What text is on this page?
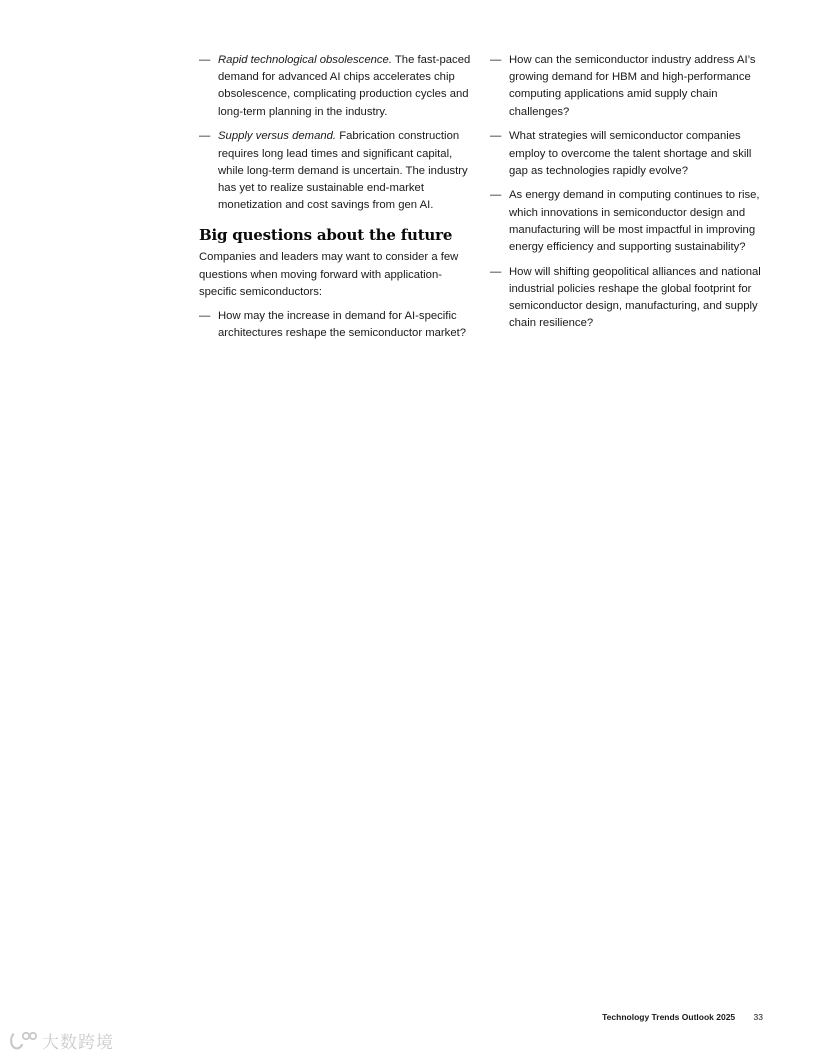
— Rapid technological obsolescence. The fast-paced demand for advanced AI chips accelerates chip obsolescence, complicating production cycles and long-term planning in the industry.
— Supply versus demand. Fabrication construction requires long lead times and significant capital, while long-term demand is uncertain. The industry has yet to realize sustainable end-market monetization and cost savings from gen AI.
Big questions about the future

Companies and leaders may want to consider a few questions when moving forward with application-specific semiconductors:

— How may the increase in demand for AI-specific architectures reshape the semiconductor market?
— How can the semiconductor industry address AI’s growing demand for HBM and high-performance computing applications amid supply chain challenges?
— What strategies will semiconductor companies employ to overcome the talent shortage and skill gap as technologies rapidly evolve?
— As energy demand in computing continues to rise, which innovations in semiconductor design and manufacturing will be most impactful in improving energy efficiency and supporting sustainability?
— How will shifting geopolitical alliances and national industrial policies reshape the global footprint for semiconductor design, manufacturing, and supply chain resilience?
Technology Trends Outlook 2025 33
大数跨境
